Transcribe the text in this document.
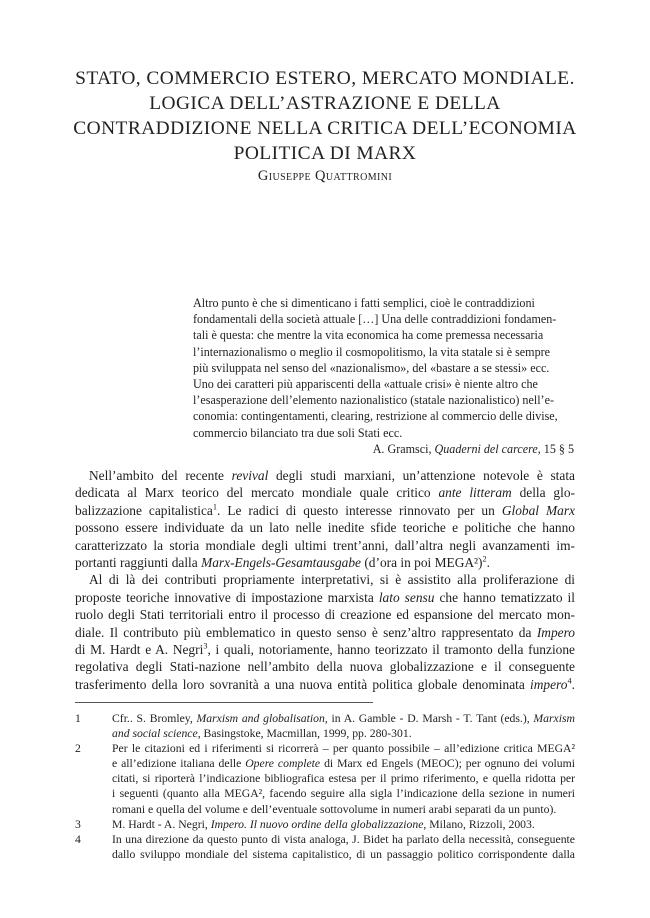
STATO, COMMERCIO ESTERO, MERCATO MONDIALE.
LOGICA DELL’ASTRAZIONE E DELLA
CONTRADDIZIONE NELLA CRITICA DELL’ECONOMIA
POLITICA DI MARX
Giuseppe Quattromini
Altro punto è che si dimenticano i fatti semplici, cioè le contraddizioni
fondamentali della società attuale […] Una delle contraddizioni fondamen-
tali è questa: che mentre la vita economica ha come premessa necessaria
l’internazionalismo o meglio il cosmopolitismo, la vita statale si è sempre
più sviluppata nel senso del «nazionalismo», del «bastare a se stessi» ecc.
Uno dei caratteri più appariscenti della «attuale crisi» è niente altro che
l’esasperazione dell’elemento nazionalistico (statale nazionalistico) nell’e-
conomia: contingentamenti, clearing, restrizione al commercio delle divise,
commercio bilanciato tra due soli Stati ecc.
A. Gramsci, Quaderni del carcere, 15 § 5
Nell’ambito del recente revival degli studi marxiani, un’attenzione notevole è stata
dedicata al Marx teorico del mercato mondiale quale critico ante litteram della glo-
balizzazione capitalistica$^1$. Le radici di questo interesse rinnovato per un Global Marx
possono essere individuate da un lato nelle inedite sfide teoriche e politiche che hanno
caratterizzato la storia mondiale degli ultimi trent’anni, dall’altra negli avanzamenti im-
portanti raggiunti dalla Marx-Engels-Gesamtausgabe (d’ora in poi MEGA²)$^2$.
Al di là dei contributi propriamente interpretativi, si è assistito alla proliferazione di
proposte teoriche innovative di impostazione marxista lato sensu che hanno tematizzato il
ruolo degli Stati territoriali entro il processo di creazione ed espansione del mercato mon-
diale. Il contributo più emblematico in questo senso è senz’altro rappresentato da Impero
di M. Hardt e A. Negri$^3$, i quali, notoriamente, hanno teorizzato il tramonto della funzione
regolativa degli Stati-nazione nell’ambito della nuova globalizzazione e il conseguente
trasferimento della loro sovranità a una nuova entità politica globale denominata impero$^4$.
1	Cfr.. S. Bromley, Marxism and globalisation, in A. Gamble - D. Marsh - T. Tant (eds.), Marxism
and social science, Basingstoke, Macmillan, 1999, pp. 280-301.
2	Per le citazioni ed i riferimenti si ricorrerà – per quanto possibile – all’edizione critica MEGA²
e all’edizione italiana delle Opere complete di Marx ed Engels (MEOC); per ognuno dei volumi
citati, si riporterà l’indicazione bibliografica estesa per il primo riferimento, e quella ridotta per
i seguenti (quanto alla MEGA², facendo seguire alla sigla l’indicazione della sezione in numeri
romani e quella del volume e dell’eventuale sottovolume in numeri arabi separati da un punto).
3	M. Hardt - A. Negri, Impero. Il nuovo ordine della globalizzazione, Milano, Rizzoli, 2003.
4	In una direzione da questo punto di vista analoga, J. Bidet ha parlato della necessità, conseguente
dallo sviluppo mondiale del sistema capitalistico, di un passaggio politico corrispondente dalla
